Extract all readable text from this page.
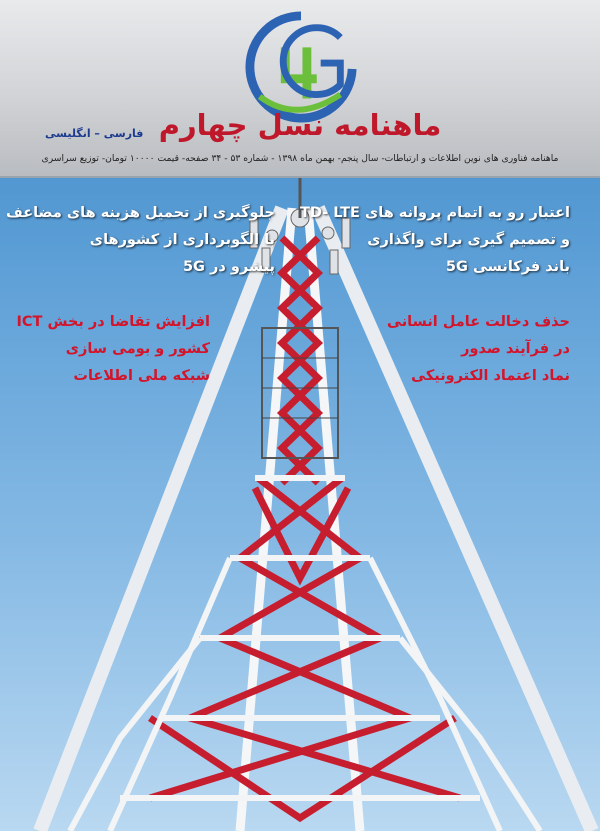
4G
ماهنامه نسل چهارم
فارسی – انگلیسی
ماهنامه فناوری های نوین اطلاعات و ارتباطات- سال پنجم- بهمن ماه ۱۳۹۸ - شماره ۵۳ - ۳۴ صفحه- قیمت ۱۰۰۰۰ تومان- توزیع سراسری
اعتبار رو به اتمام پروانه های TD- LTE
و تصمیم گیری برای واگذاری
باند فرکانسی 5G
جلوگیری از تحمیل هزینه های مضاعف
با الگوبرداری از کشورهای
پیشرو در 5G
حذف دخالت عامل انسانی
در فرآیند صدور
نماد اعتماد الکترونیکی
افزایش تقاضا در بخش ICT
کشور و بومی سازی
شبکه ملی اطلاعات
